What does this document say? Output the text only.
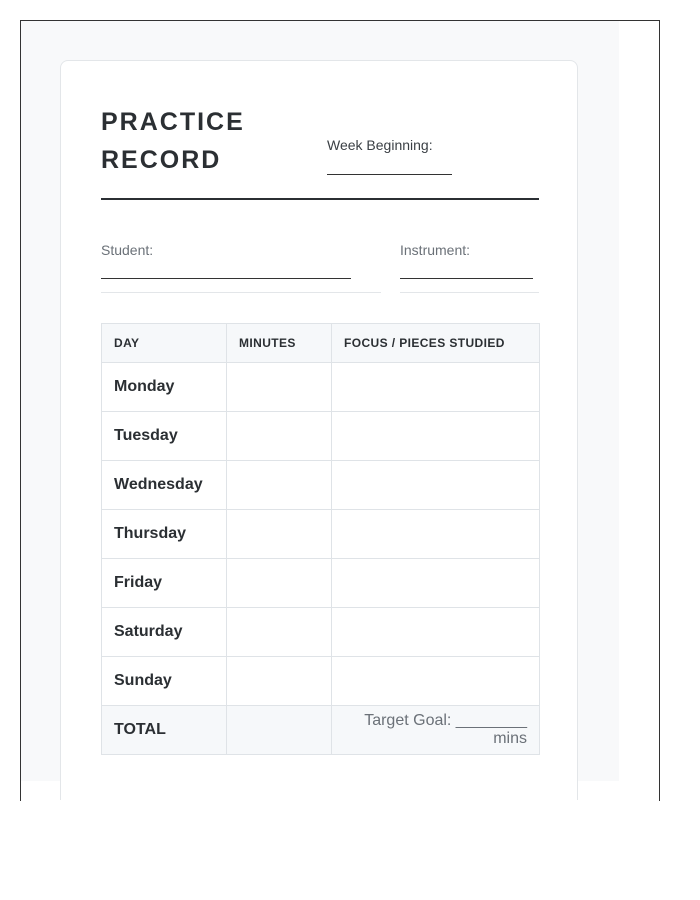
PRACTICE
RECORD
Week Beginning:
Student:	Instrument:
DAY	MINUTES	FOCUS / PIECES STUDIED
Monday		
Tuesday		
Wednesday		
Thursday		
Friday		
Saturday		
Sunday		
TOTAL		Target Goal: ________ mins
